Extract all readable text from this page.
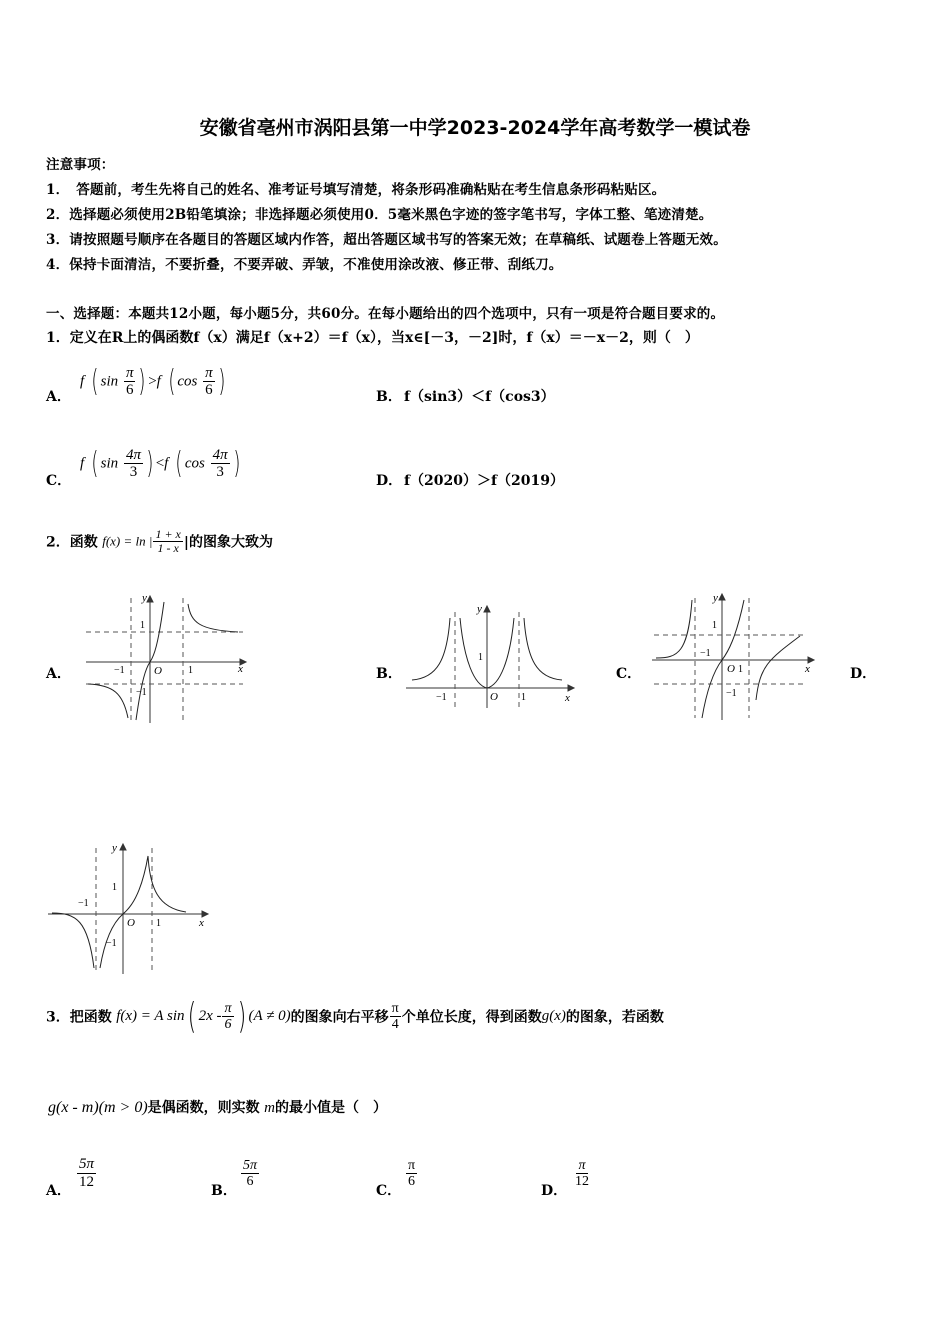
安徽省亳州市涡阳县第一中学2023-2024学年高考数学一模试卷
注意事项：
1．　答题前，考生先将自己的姓名、准考证号填写清楚，将条形码准确粘贴在考生信息条形码粘贴区。
2．选择题必须使用2B铅笔填涂；非选择题必须使用0．5毫米黑色字迹的签字笔书写，字体工整、笔迹清楚。
3．请按照题号顺序在各题目的答题区域内作答，超出答题区域书写的答案无效；在草稿纸、试题卷上答题无效。
4．保持卡面清洁，不要折叠，不要弄破、弄皱，不准使用涂改液、修正带、刮纸刀。
一、选择题：本题共12小题，每小题5分，共60分。在每小题给出的四个选项中，只有一项是符合题目要求的。
1．定义在R上的偶函数f（x）满足f（x+2）＝f（x），当x∈[－3，－2]时，f（x）＝－x－2，则（　）
A．
f ( $\sin \frac{\pi}{6}$ ) >f ( $\cos \frac{\pi}{6}$ )	B． f（sin3）＜f（cos3）
C．
f ( $\sin \frac{4\pi}{3}$ ) <f ( $\cos \frac{4\pi}{3}$ )	D． f（2020）＞f（2019）
2．函数 f(x) = ln | $\frac{1 + x}{1 - x}$ |的图象大致为
A．	B．	C．	D．
y
x
O
1
1
−1
−1
y
x
O
1
1
−1
y
x
O
1
1
−1
−1
y
x
O
1
1
−1
−1
3．把函数 f(x) = A sin( $2x - \frac{\pi}{6}$ ) (A ≠ 0)的图象向右平移 $\frac{\pi}{4}$ 个单位长度，得到函数g(x)的图象，若函数
g(x - m)(m > 0)是偶函数，则实数 m的最小值是（　）
A．
$\frac{5\pi}{12}$
B．
$\frac{5\pi}{6}$
C．
$\frac{\pi}{6}$
D．
$\frac{\pi}{12}$
